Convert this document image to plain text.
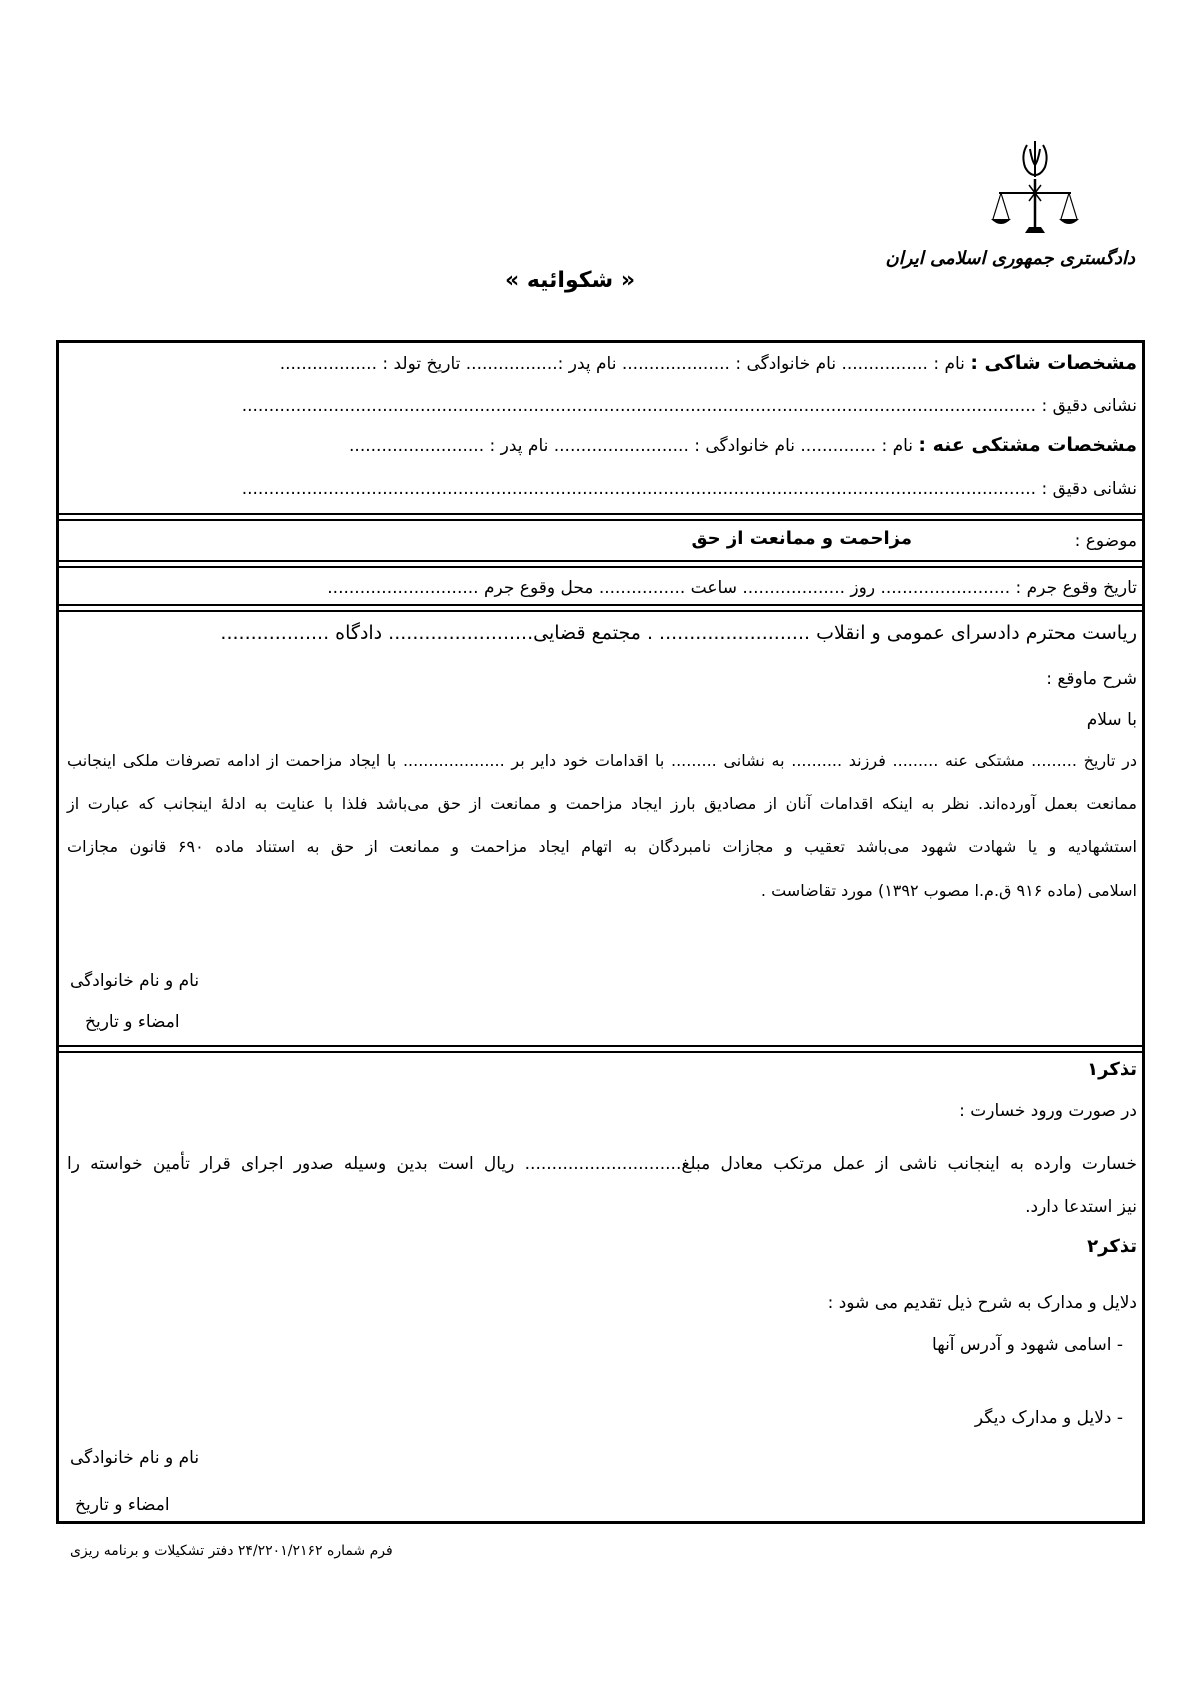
دادگستری جمهوری اسلامی ایران
« شکوائیه »
مشخصات شاکی : نام : ................ نام خانوادگی : .................... نام پدر :................. تاریخ تولد : ..................
نشانی دقیق : ...................................................................................................................................................
مشخصات مشتکی عنه : نام : .............. نام خانوادگی : ......................... نام پدر : .........................
نشانی دقیق : ...................................................................................................................................................
موضوع :
مزاحمت و ممانعت از حق
تاریخ وقوع جرم : ........................ روز ................... ساعت ................ محل وقوع جرم ............................
ریاست محترم دادسرای عمومی و انقلاب ......................... . مجتمع قضایی........................ دادگاه ..................
شرح ماوقع :
با سلام
در تاریخ ......... مشتکی عنه ......... فرزند .......... به نشانی ......... با اقدامات خود دایر بر .................... با ایجاد مزاحمت از ادامه تصرفات ملکی اینجانب
ممانعت بعمل آورده‌اند. نظر به اینکه اقدامات آنان از مصادیق بارز ایجاد مزاحمت و ممانعت از حق می‌باشد فلذا با عنایت به ادلهٔ اینجانب که عبارت از
استشهادیه و یا شهادت شهود می‌باشد تعقیب و مجازات نامبردگان به اتهام ایجاد مزاحمت و ممانعت از حق به استناد ماده ۶۹۰ قانون مجازات
اسلامی (ماده ۹۱۶ ق.م.ا مصوب ۱۳۹۲) مورد تقاضاست .
نام و نام خانوادگی
امضاء و تاریخ
تذکر۱
در صورت ورود خسارت :
خسارت وارده به اینجانب ناشی از عمل مرتکب معادل مبلغ............................. ریال است بدین وسیله صدور اجرای قرار تأمین خواسته را
نیز استدعا دارد.
تذکر۲
دلایل و مدارک به شرح ذیل تقدیم می شود :
- اسامی شهود و آدرس آنها
- دلایل و مدارک دیگر
نام و نام خانوادگی
امضاء و تاریخ
فرم شماره ۲۴/۲۲۰۱/۲۱۶۲ دفتر تشکیلات و برنامه ریزی
